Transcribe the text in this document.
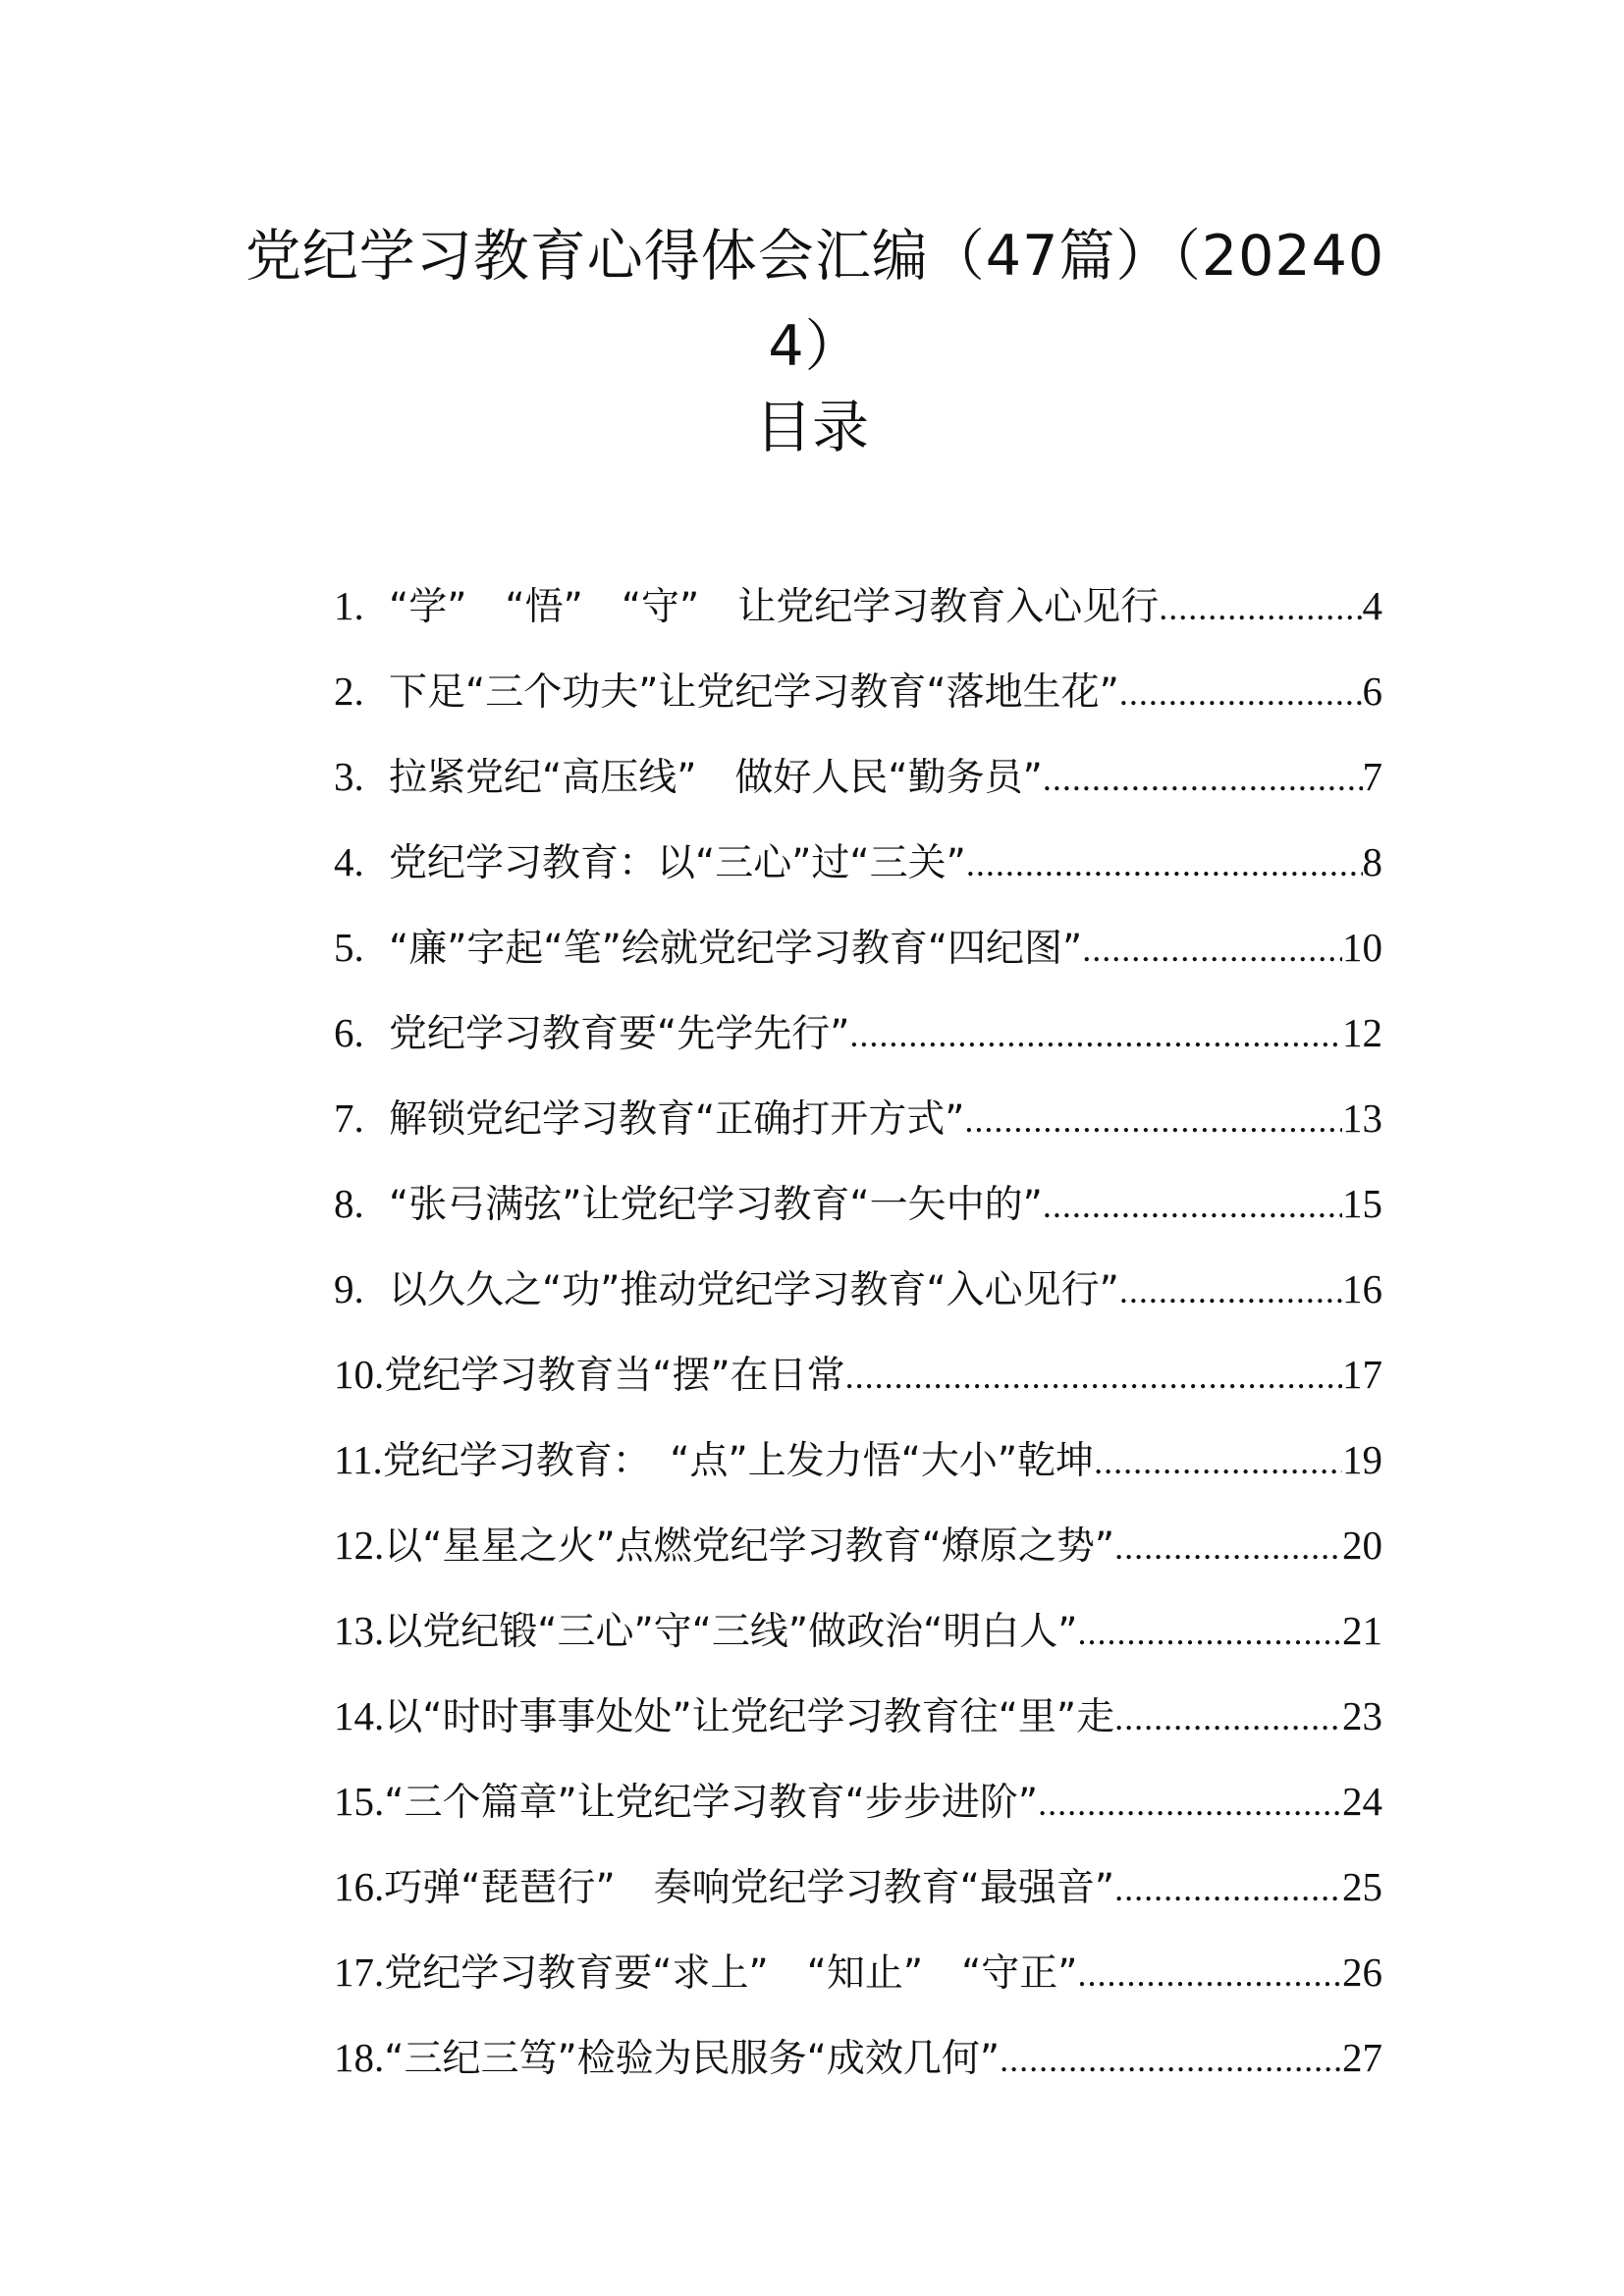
党纪学习教育心得体会汇编（47篇）（202404）
目录
1. “学”　“悟”　“守”　让党纪学习教育入心见行 .....	4
2. 下足“三个功夫”让党纪学习教育“落地生花” .....	6
3. 拉紧党纪“高压线”　做好人民“勤务员” .....	7
4. 党纪学习教育：以“三心”过“三关” .....	8
5. “廉”字起“笔”绘就党纪学习教育“四纪图” .....	10
6. 党纪学习教育要“先学先行” .....	12
7. 解锁党纪学习教育“正确打开方式” .....	13
8. “张弓满弦”让党纪学习教育“一矢中的” .....	15
9. 以久久之“功”推动党纪学习教育“入心见行” .....	16
10. 党纪学习教育当“摆”在日常 .....	17
11. 党纪学习教育：　“点”上发力悟“大小”乾坤 .....	19
12. 以“星星之火”点燃党纪学习教育“燎原之势” .....	20
13. 以党纪锻“三心”守“三线”做政治“明白人” .....	21
14. 以“时时事事处处”让党纪学习教育往“里”走 .....	23
15. “三个篇章”让党纪学习教育“步步进阶” .....	24
16. 巧弹“琵琶行”　奏响党纪学习教育“最强音” .....	25
17. 党纪学习教育要“求上”　“知止”　“守正” .....	26
18. “三纪三笃”检验为民服务“成效几何” .....	27
